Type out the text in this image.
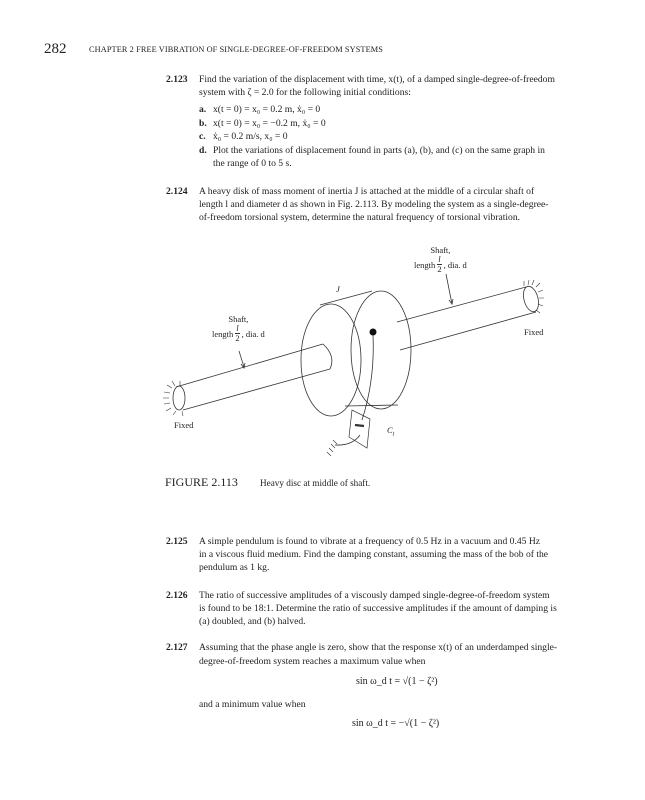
282	CHAPTER 2 FREE VIBRATION OF SINGLE-DEGREE-OF-FREEDOM SYSTEMS
2.123 Find the variation of the displacement with time, x(t), of a damped single-degree-of-freedom
system with ζ = 2.0 for the following initial conditions:
a. x(t = 0) = x₀ = 0.2 m, ẋ₀ = 0
b. x(t = 0) = x₀ = −0.2 m, ẋ₀ = 0
c. ẋ₀ = 0.2 m/s, x₀ = 0
d. Plot the variations of displacement found in parts (a), (b), and (c) on the same graph in
the range of 0 to 5 s.
2.124 A heavy disk of mass moment of inertia J is attached at the middle of a circular shaft of
length l and diameter d as shown in Fig. 2.113. By modeling the system as a single-degree-
of-freedom torsional system, determine the natural frequency of torsional vibration.
Shaft,
length $\frac{l}{2}$ , dia. d
Shaft,
length $\frac{l}{2}$ , dia. d
Fixed
Fixed
J
$C_t$
FIGURE 2.113 Heavy disc at middle of shaft.
2.125 A simple pendulum is found to vibrate at a frequency of 0.5 Hz in a vacuum and 0.45 Hz
in a viscous fluid medium. Find the damping constant, assuming the mass of the bob of the
pendulum as 1 kg.
2.126 The ratio of successive amplitudes of a viscously damped single-degree-of-freedom system
is found to be 18:1. Determine the ratio of successive amplitudes if the amount of damping is
(a) doubled, and (b) halved.
2.127 Assuming that the phase angle is zero, show that the response x(t) of an underdamped single-
degree-of-freedom system reaches a maximum value when
sin ω_d t = √(1 − ζ²)
and a minimum value when
sin ω_d t = −√(1 − ζ²)
